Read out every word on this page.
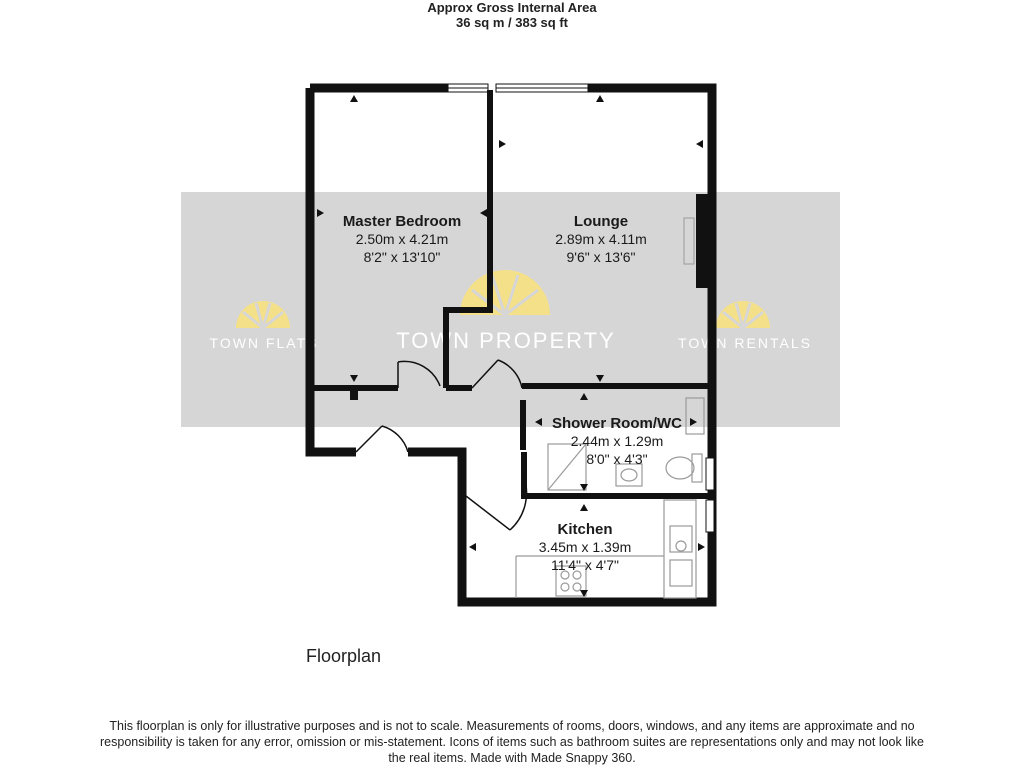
Approx Gross Internal Area
36 sq m / 383 sq ft
TOWN FLATS	TOWN PROPERTY	TOWN RENTALS
Master Bedroom
2.50m x 4.21m
8'2" x 13'10"
Lounge
2.89m x 4.11m
9'6" x 13'6"
Shower Room/WC
2.44m x 1.29m
8'0" x 4'3"
Kitchen
3.45m x 1.39m
11'4" x 4'7"
Floorplan
This floorplan is only for illustrative purposes and is not to scale. Measurements of rooms, doors, windows, and any items are approximate and no responsibility is taken for any error, omission or mis-statement. Icons of items such as bathroom suites are representations only and may not look like the real items. Made with Made Snappy 360.
